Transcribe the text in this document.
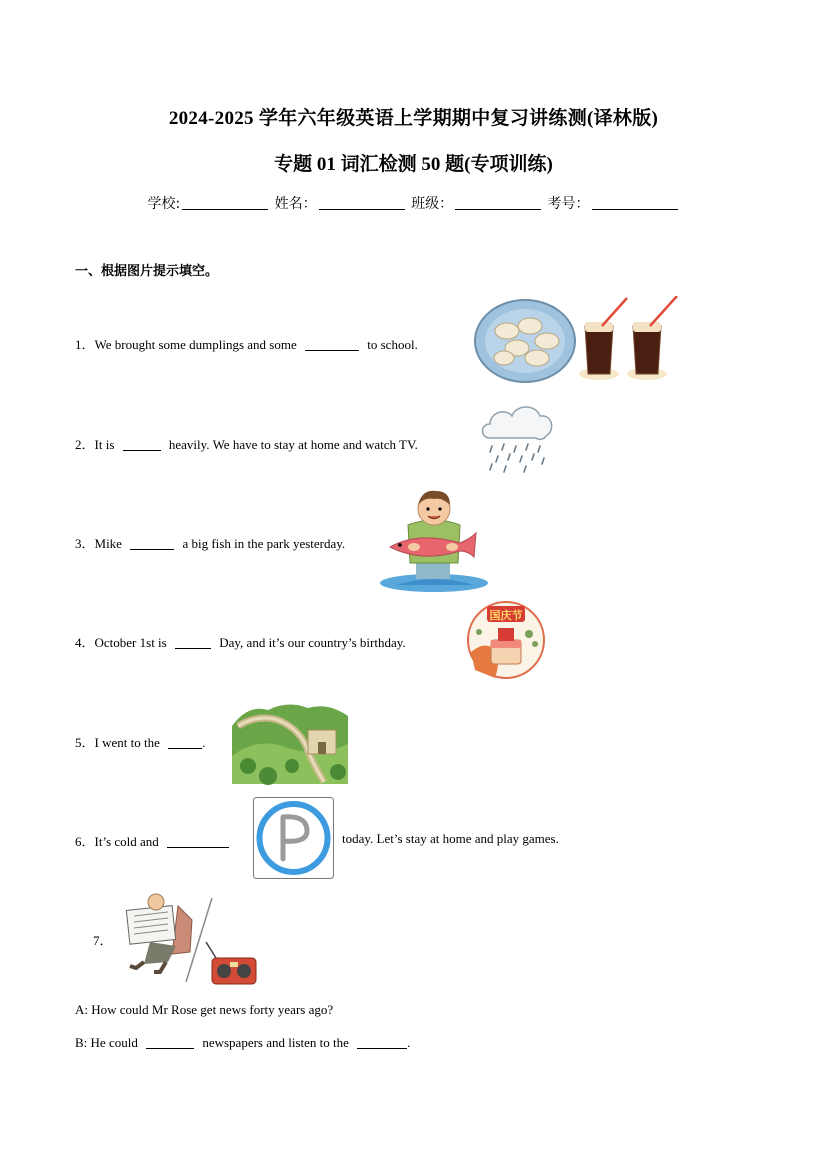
2024-2025 学年六年级英语上学期期中复习讲练测(译林版)
专题 01 词汇检测 50 题(专项训练)
学校:	姓名：	班级：	考号：
一、根据图片提示填空。
1．We brought some dumplings and some	to school.
2．It is	heavily. We have to stay at home and watch TV.
3．Mike	a big fish in the park yesterday.
4．October 1st is	Day, and it’s our country’s birthday.
国庆节
5．I went to the	.
6．It’s cold and	today. Let’s stay at home and play games.
7．
A: How could Mr Rose get news forty years ago?
B: He could	newspapers and listen to the	.
